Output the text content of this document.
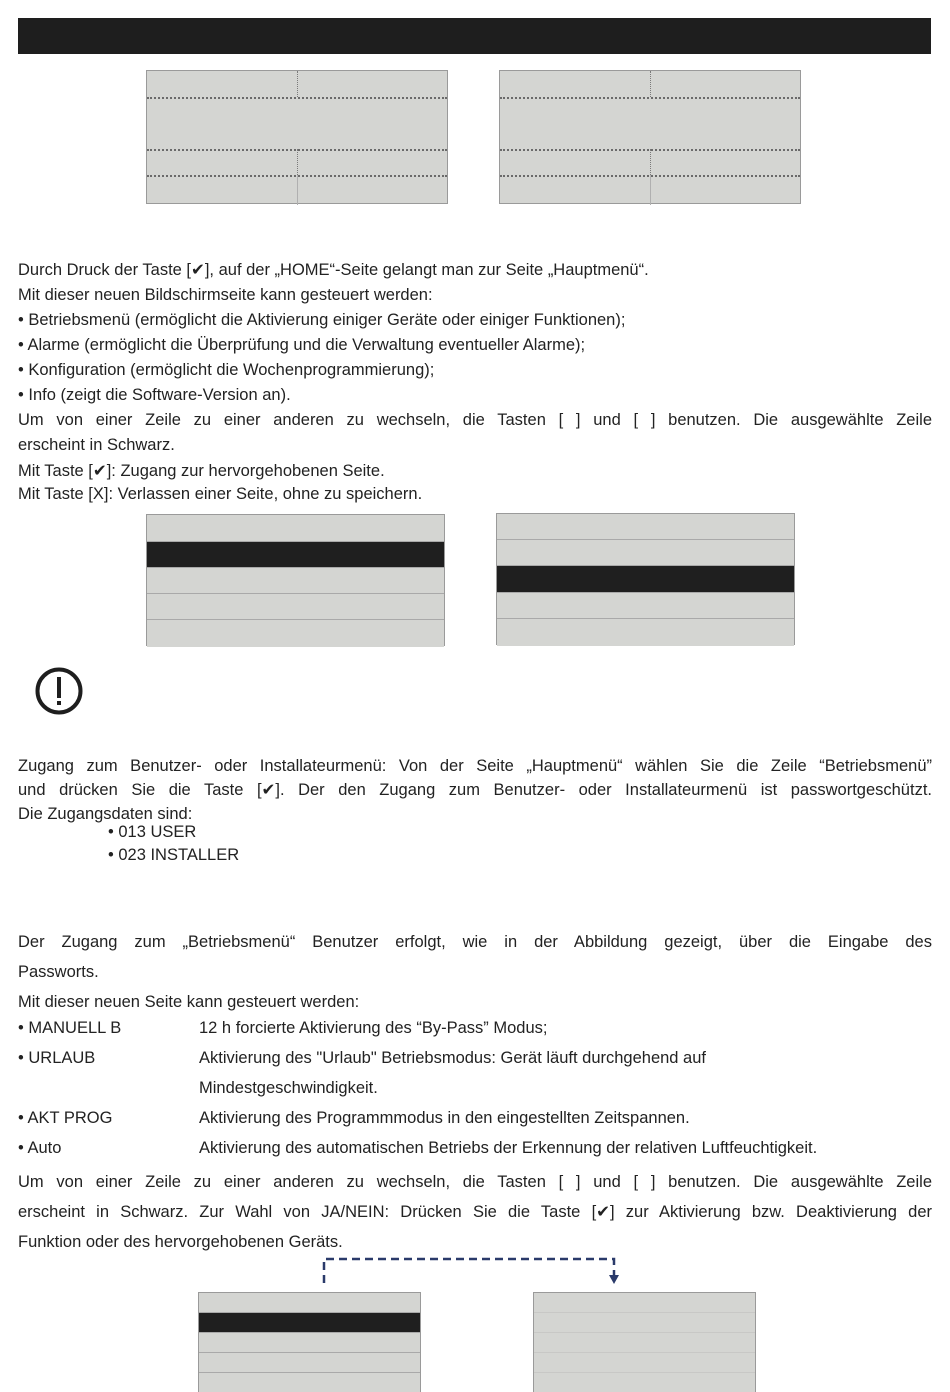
Durch Druck der Taste [✔], auf der „HOME“-Seite gelangt man zur Seite „Hauptmenü“.
Mit dieser neuen Bildschirmseite kann gesteuert werden:
• Betriebsmenü (ermöglicht die Aktivierung einiger Geräte oder einiger Funktionen);
• Alarme (ermöglicht die Überprüfung und die Verwaltung eventueller Alarme);
• Konfiguration (ermöglicht die Wochenprogrammierung);
• Info (zeigt die Software-Version an).
Um von einer Zeile zu einer anderen zu wechseln, die Tasten [ ] und [ ] benutzen. Die ausgewählte Zeile
erscheint in Schwarz.
Mit Taste [✔]: Zugang zur hervorgehobenen Seite.
Mit Taste [X]: Verlassen einer Seite, ohne zu speichern.
Zugang zum Benutzer- oder Installateurmenü: Von der Seite „Hauptmenü“ wählen Sie die Zeile “Betriebsmenü”
und drücken Sie die Taste [✔]. Der den Zugang zum Benutzer- oder Installateurmenü ist passwortgeschützt.
Die Zugangsdaten sind:
• 013 USER
• 023 INSTALLER
Der Zugang zum „Betriebsmenü“ Benutzer erfolgt, wie in der Abbildung gezeigt, über die Eingabe des
Passworts.
Mit dieser neuen Seite kann gesteuert werden:
• MANUELL B	12 h forcierte Aktivierung des “By-Pass” Modus;
• URLAUB	Aktivierung des "Urlaub" Betriebsmodus: Gerät läuft durchgehend auf
Mindestgeschwindigkeit.
• AKT PROG	Aktivierung des Programmmodus in den eingestellten Zeitspannen.
• Auto	Aktivierung des automatischen Betriebs der Erkennung der relativen Luftfeuchtigkeit.
Um von einer Zeile zu einer anderen zu wechseln, die Tasten [ ] und [ ] benutzen. Die ausgewählte Zeile
erscheint in Schwarz. Zur Wahl von JA/NEIN: Drücken Sie die Taste [✔] zur Aktivierung bzw. Deaktivierung der
Funktion oder des hervorgehobenen Geräts.
